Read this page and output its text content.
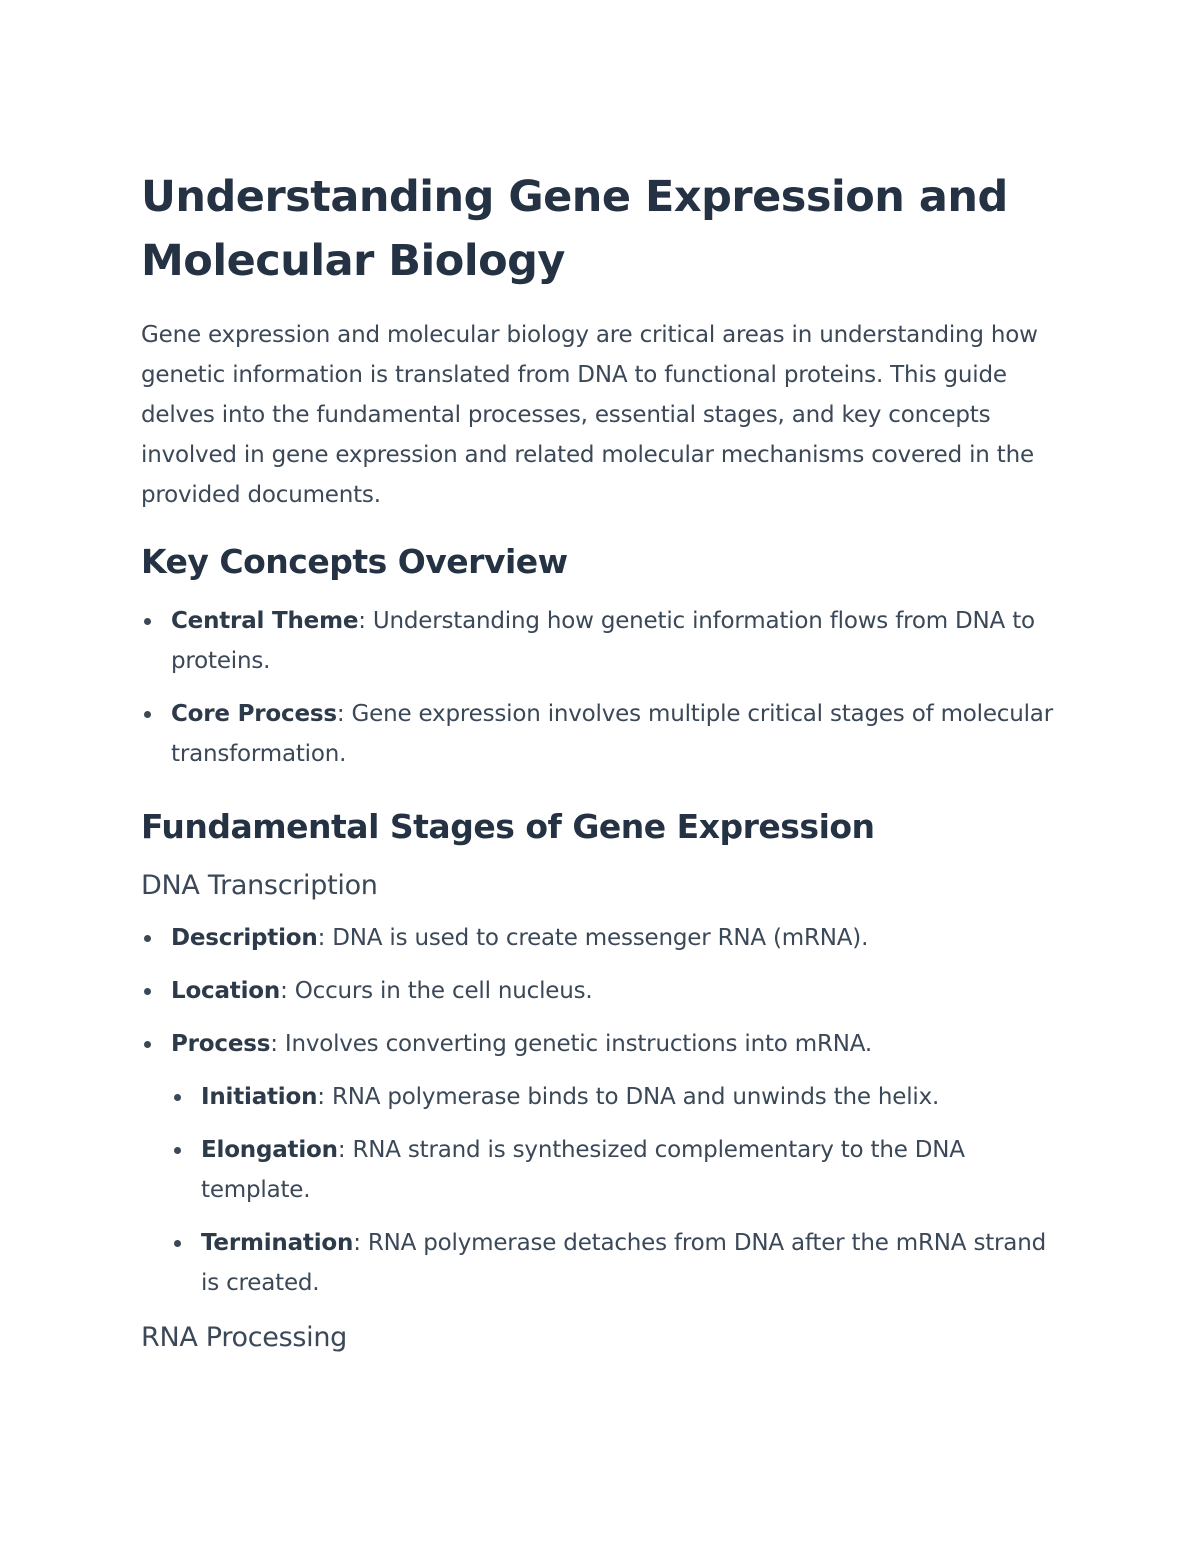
Understanding Gene Expression and Molecular Biology

Gene expression and molecular biology are critical areas in understanding how genetic information is translated from DNA to functional proteins. This guide delves into the fundamental processes, essential stages, and key concepts involved in gene expression and related molecular mechanisms covered in the provided documents.

Key Concepts Overview
Central Theme: Understanding how genetic information flows from DNA to proteins.
Core Process: Gene expression involves multiple critical stages of molecular transformation.
Fundamental Stages of Gene Expression
DNA Transcription
Description: DNA is used to create messenger RNA (mRNA).
Location: Occurs in the cell nucleus.
Process: Involves converting genetic instructions into mRNA.
Initiation: RNA polymerase binds to DNA and unwinds the helix.
Elongation: RNA strand is synthesized complementary to the DNA template.
Termination: RNA polymerase detaches from DNA after the mRNA strand is created.
RNA Processing
